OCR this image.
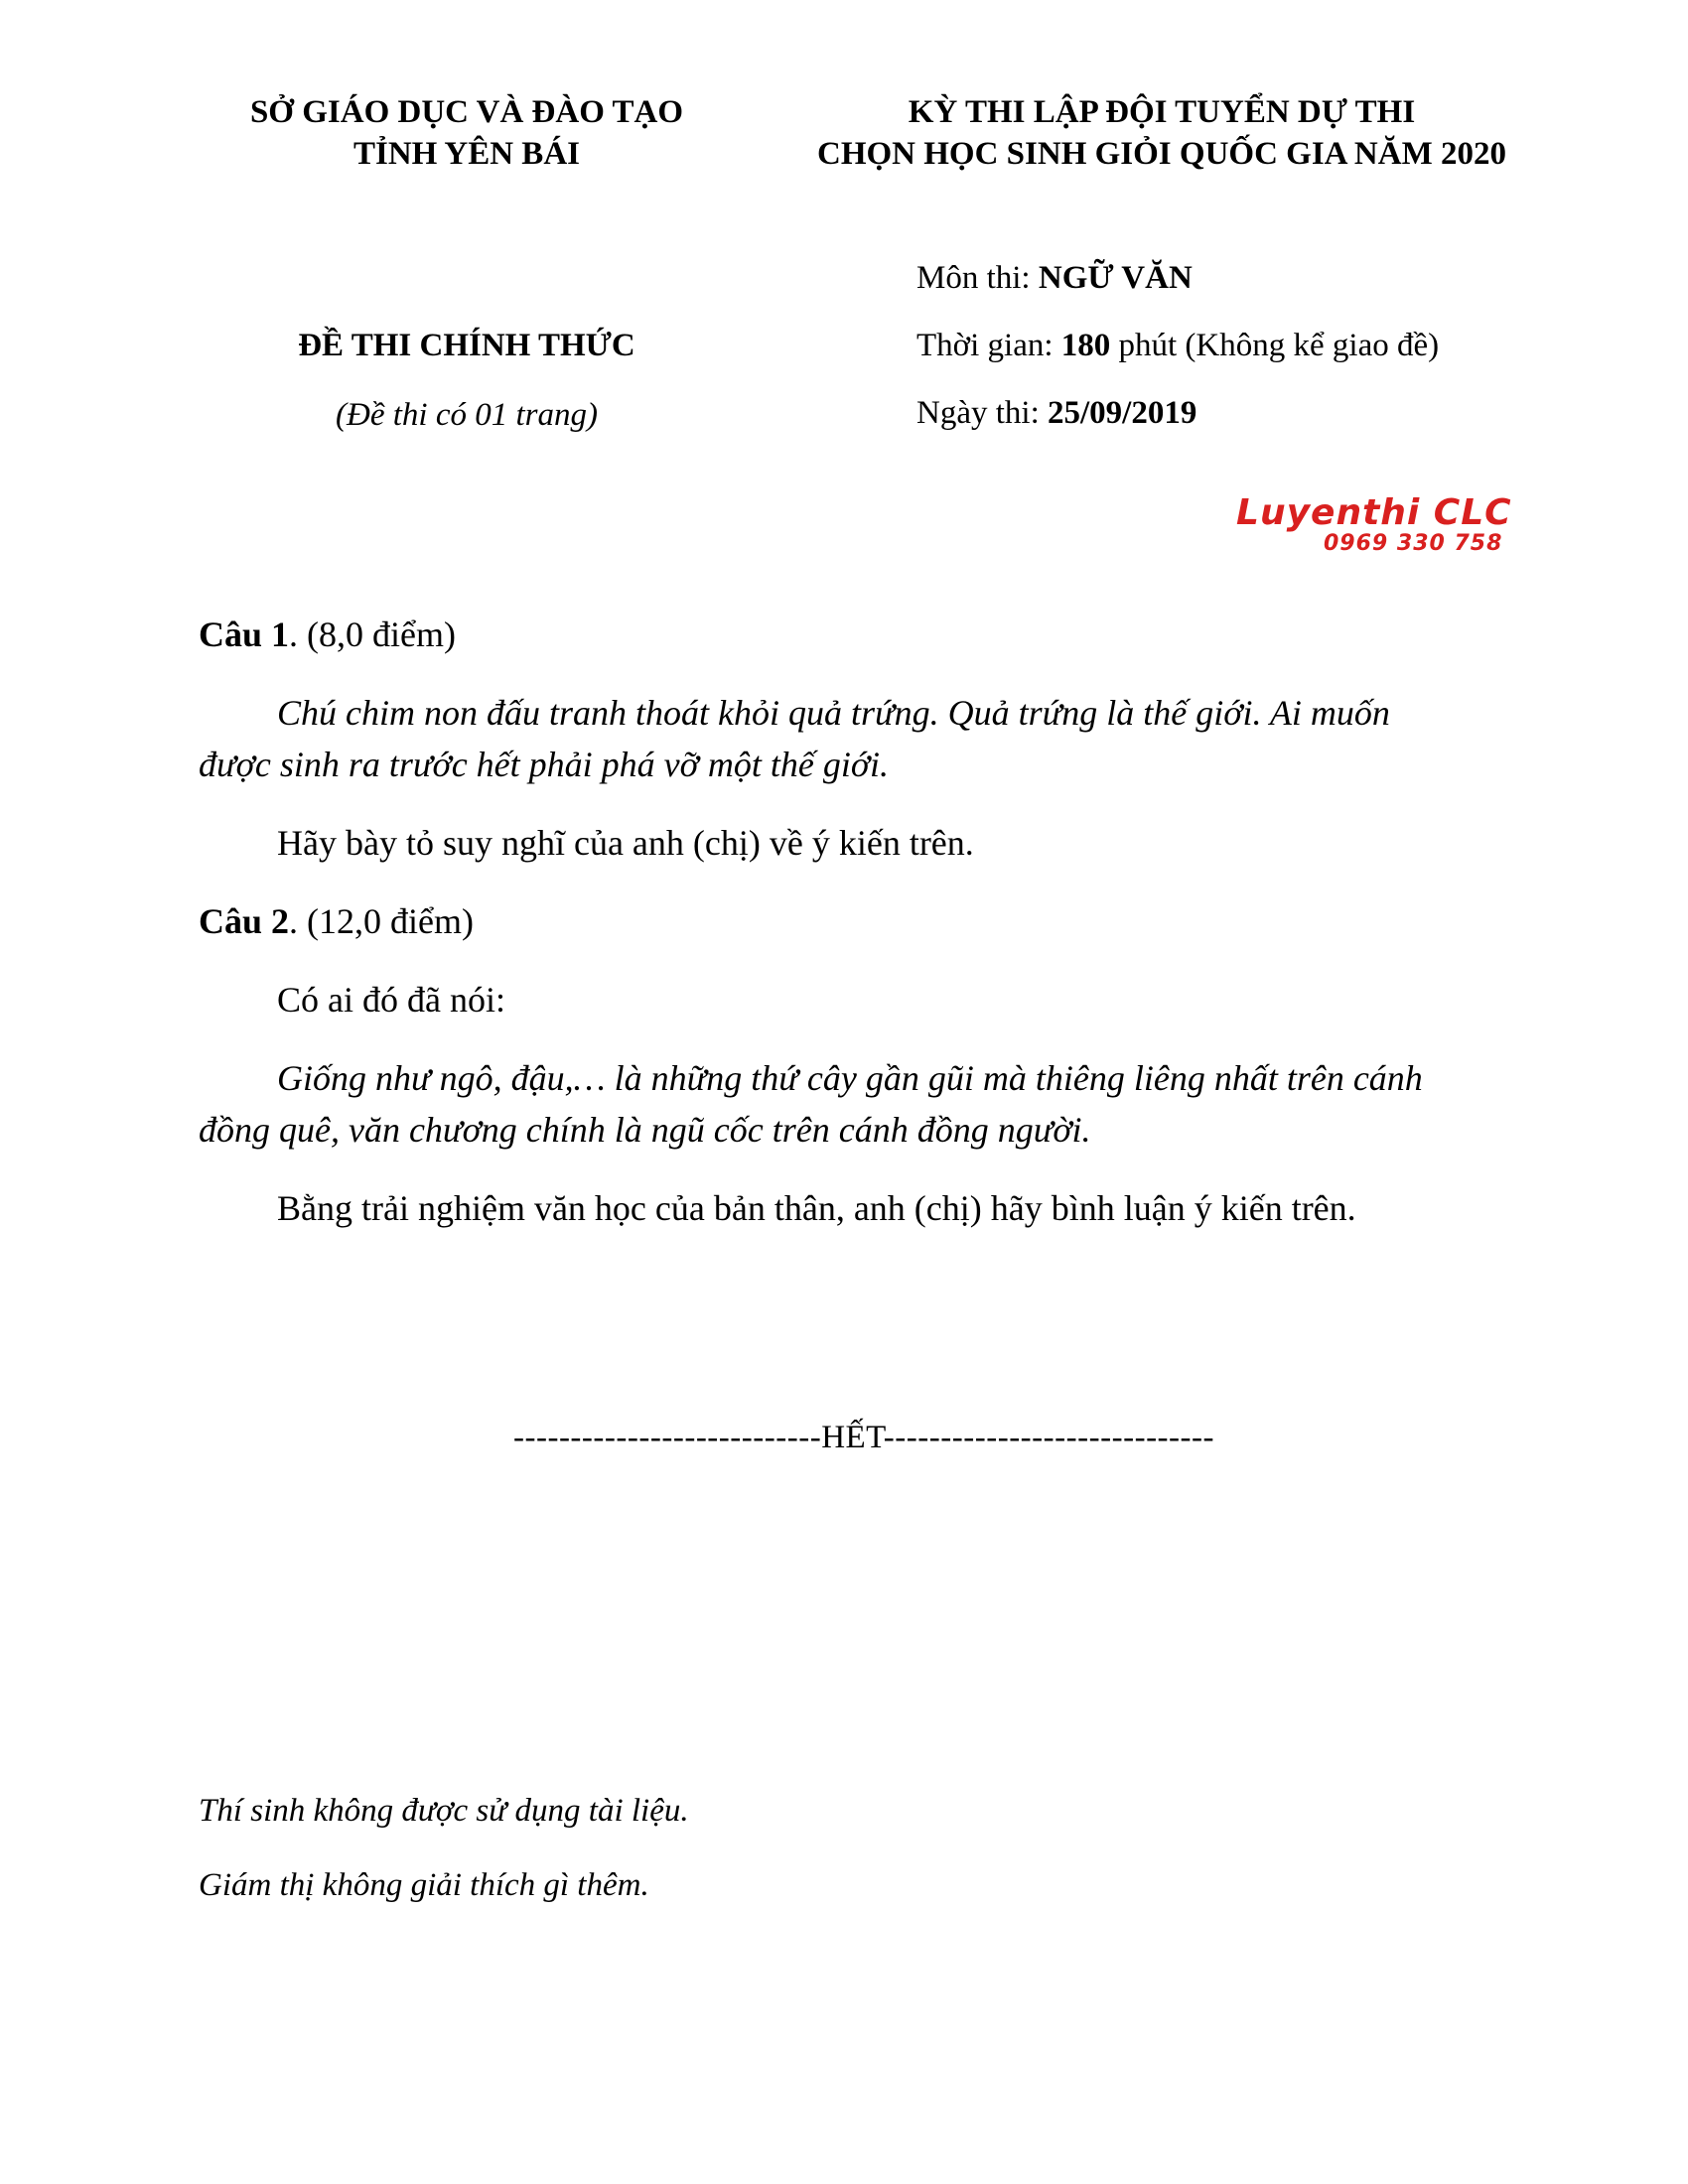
SỞ GIÁO DỤC VÀ ĐÀO TẠO
TỈNH YÊN BÁI
KỲ THI LẬP ĐỘI TUYỂN DỰ THI
CHỌN HỌC SINH GIỎI QUỐC GIA NĂM 2020
ĐỀ THI CHÍNH THỨC
(Đề thi có 01 trang)
Môn thi: NGỮ VĂN
Thời gian: 180 phút (Không kể giao đề)
Ngày thi: 25/09/2019
Luyenthi CLC
0969 330 758
Câu 1. (8,0 điểm)
Chú chim non đấu tranh thoát khỏi quả trứng. Quả trứng là thế giới. Ai muốn
được sinh ra trước hết phải phá vỡ một thế giới.
Hãy bày tỏ suy nghĩ của anh (chị) về ý kiến trên.
Câu 2. (12,0 điểm)
Có ai đó đã nói:
Giống như ngô, đậu,… là những thứ cây gần gũi mà thiêng liêng nhất trên cánh
đồng quê, văn chương chính là ngũ cốc trên cánh đồng người.
Bằng trải nghiệm văn học của bản thân, anh (chị) hãy bình luận ý kiến trên.
---------------------------HẾT-----------------------------
Thí sinh không được sử dụng tài liệu.
Giám thị không giải thích gì thêm.
